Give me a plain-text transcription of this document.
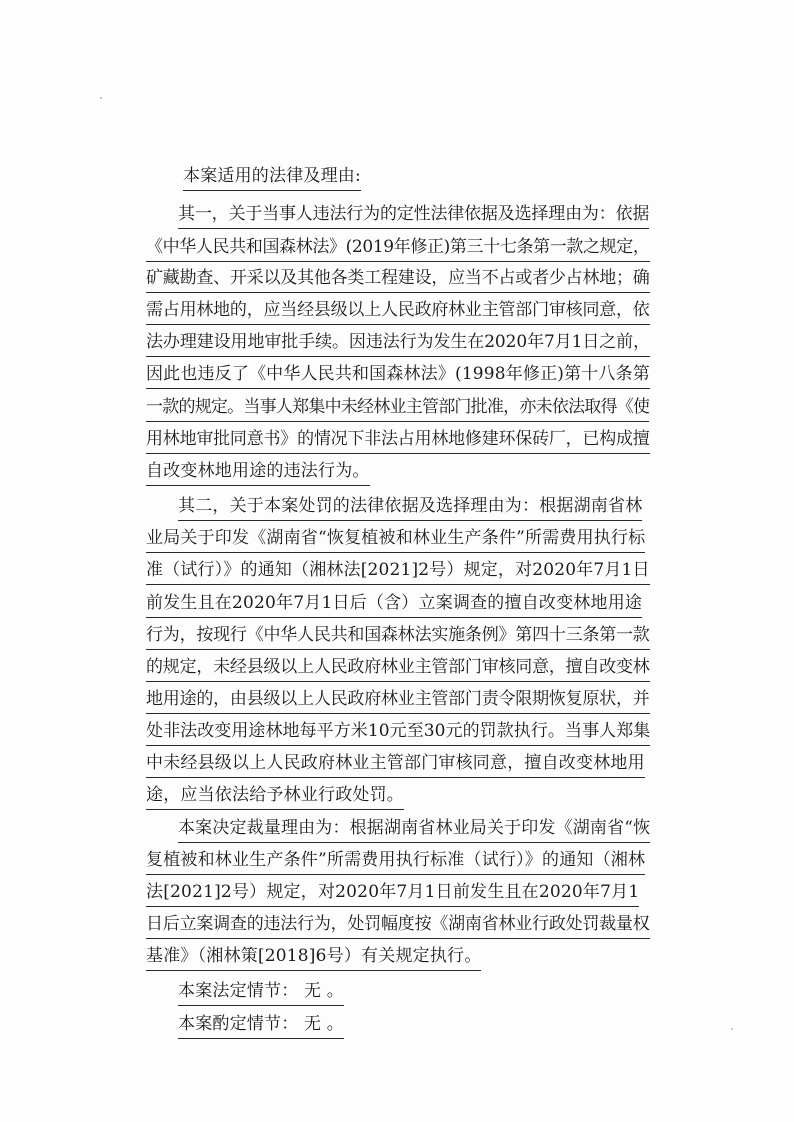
本案适用的法律及理由:
其一，关于当事人违法行为的定性法律依据及选择理由为：依据
《中华人民共和国森林法》(2019年修正)第三十七条第一款之规定，
矿藏勘查、开采以及其他各类工程建设，应当不占或者少占林地；确
需占用林地的，应当经县级以上人民政府林业主管部门审核同意，依
法办理建设用地审批手续。因违法行为发生在2020年7月1日之前，
因此也违反了《中华人民共和国森林法》(1998年修正)第十八条第
一款的规定。当事人郑集中未经林业主管部门批准，亦未依法取得《使
用林地审批同意书》的情况下非法占用林地修建环保砖厂，已构成擅
自改变林地用途的违法行为。
其二，关于本案处罚的法律依据及选择理由为：根据湖南省林
业局关于印发《湖南省“恢复植被和林业生产条件”所需费用执行标
准（试行）》的通知（湘林法[2021]2号）规定，对2020年7月1日
前发生且在2020年7月1日后（含）立案调查的擅自改变林地用途
行为，按现行《中华人民共和国森林法实施条例》第四十三条第一款
的规定，未经县级以上人民政府林业主管部门审核同意，擅自改变林
地用途的，由县级以上人民政府林业主管部门责令限期恢复原状，并
处非法改变用途林地每平方米10元至30元的罚款执行。当事人郑集
中未经县级以上人民政府林业主管部门审核同意，擅自改变林地用
途，应当依法给予林业行政处罚。
本案决定裁量理由为：根据湖南省林业局关于印发《湖南省“恢
复植被和林业生产条件”所需费用执行标准（试行）》的通知（湘林
法[2021]2号）规定，对2020年7月1日前发生且在2020年7月1
日后立案调查的违法行为，处罚幅度按《湖南省林业行政处罚裁量权
基准》（湘林策[2018]6号）有关规定执行。
本案法定情节： 无 。
本案酌定情节： 无 。
